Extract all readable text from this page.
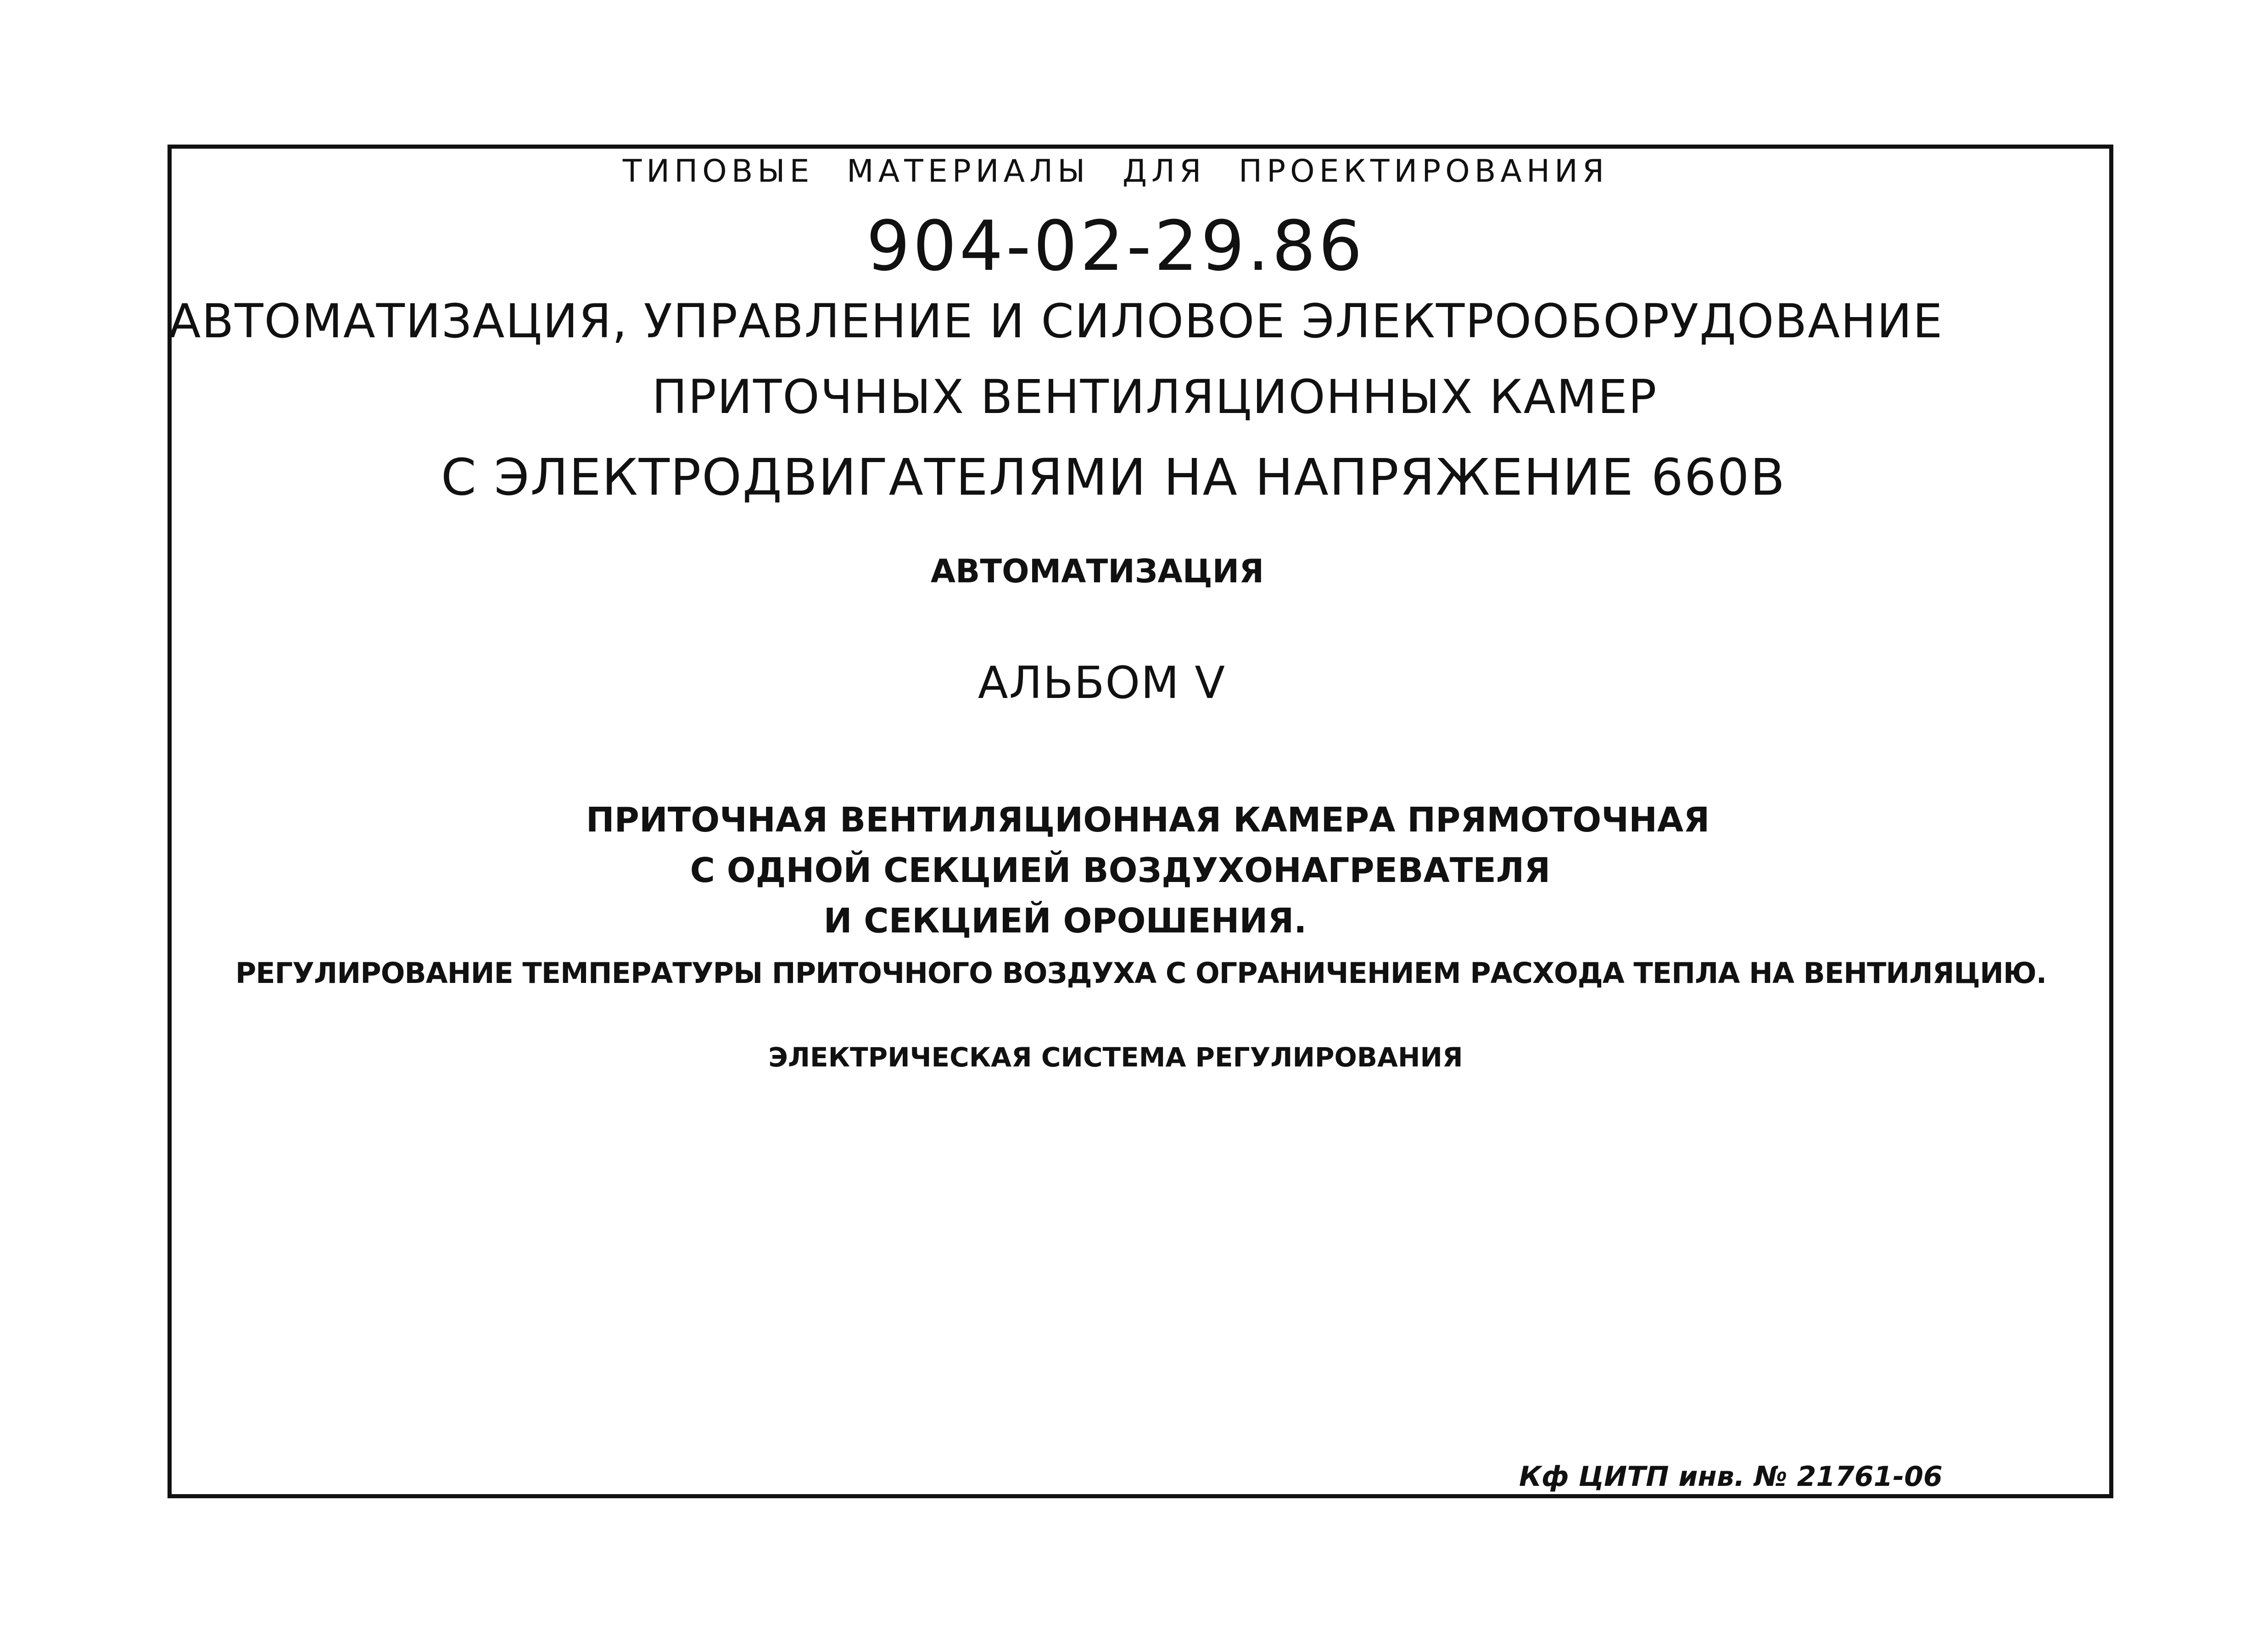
ТИПОВЫЕ МАТЕРИАЛЫ ДЛЯ ПРОЕКТИРОВАНИЯ
904-02-29.86
АВТОМАТИЗАЦИЯ, УПРАВЛЕНИЕ И СИЛОВОЕ ЭЛЕКТРООБОРУДОВАНИЕ
ПРИТОЧНЫХ ВЕНТИЛЯЦИОННЫХ КАМЕР
С ЭЛЕКТРОДВИГАТЕЛЯМИ НА НАПРЯЖЕНИЕ 660В
АВТОМАТИЗАЦИЯ
АЛЬБОМ V
ПРИТОЧНАЯ ВЕНТИЛЯЦИОННАЯ КАМЕРА ПРЯМОТОЧНАЯ
С ОДНОЙ СЕКЦИЕЙ ВОЗДУХОНАГРЕВАТЕЛЯ
И СЕКЦИЕЙ ОРОШЕНИЯ.
РЕГУЛИРОВАНИЕ ТЕМПЕРАТУРЫ ПРИТОЧНОГО ВОЗДУХА С ОГРАНИЧЕНИЕМ РАСХОДА ТЕПЛА НА ВЕНТИЛЯЦИЮ.
ЭЛЕКТРИЧЕСКАЯ СИСТЕМА РЕГУЛИРОВАНИЯ
Кф ЦИТП инв. № 21761-06
